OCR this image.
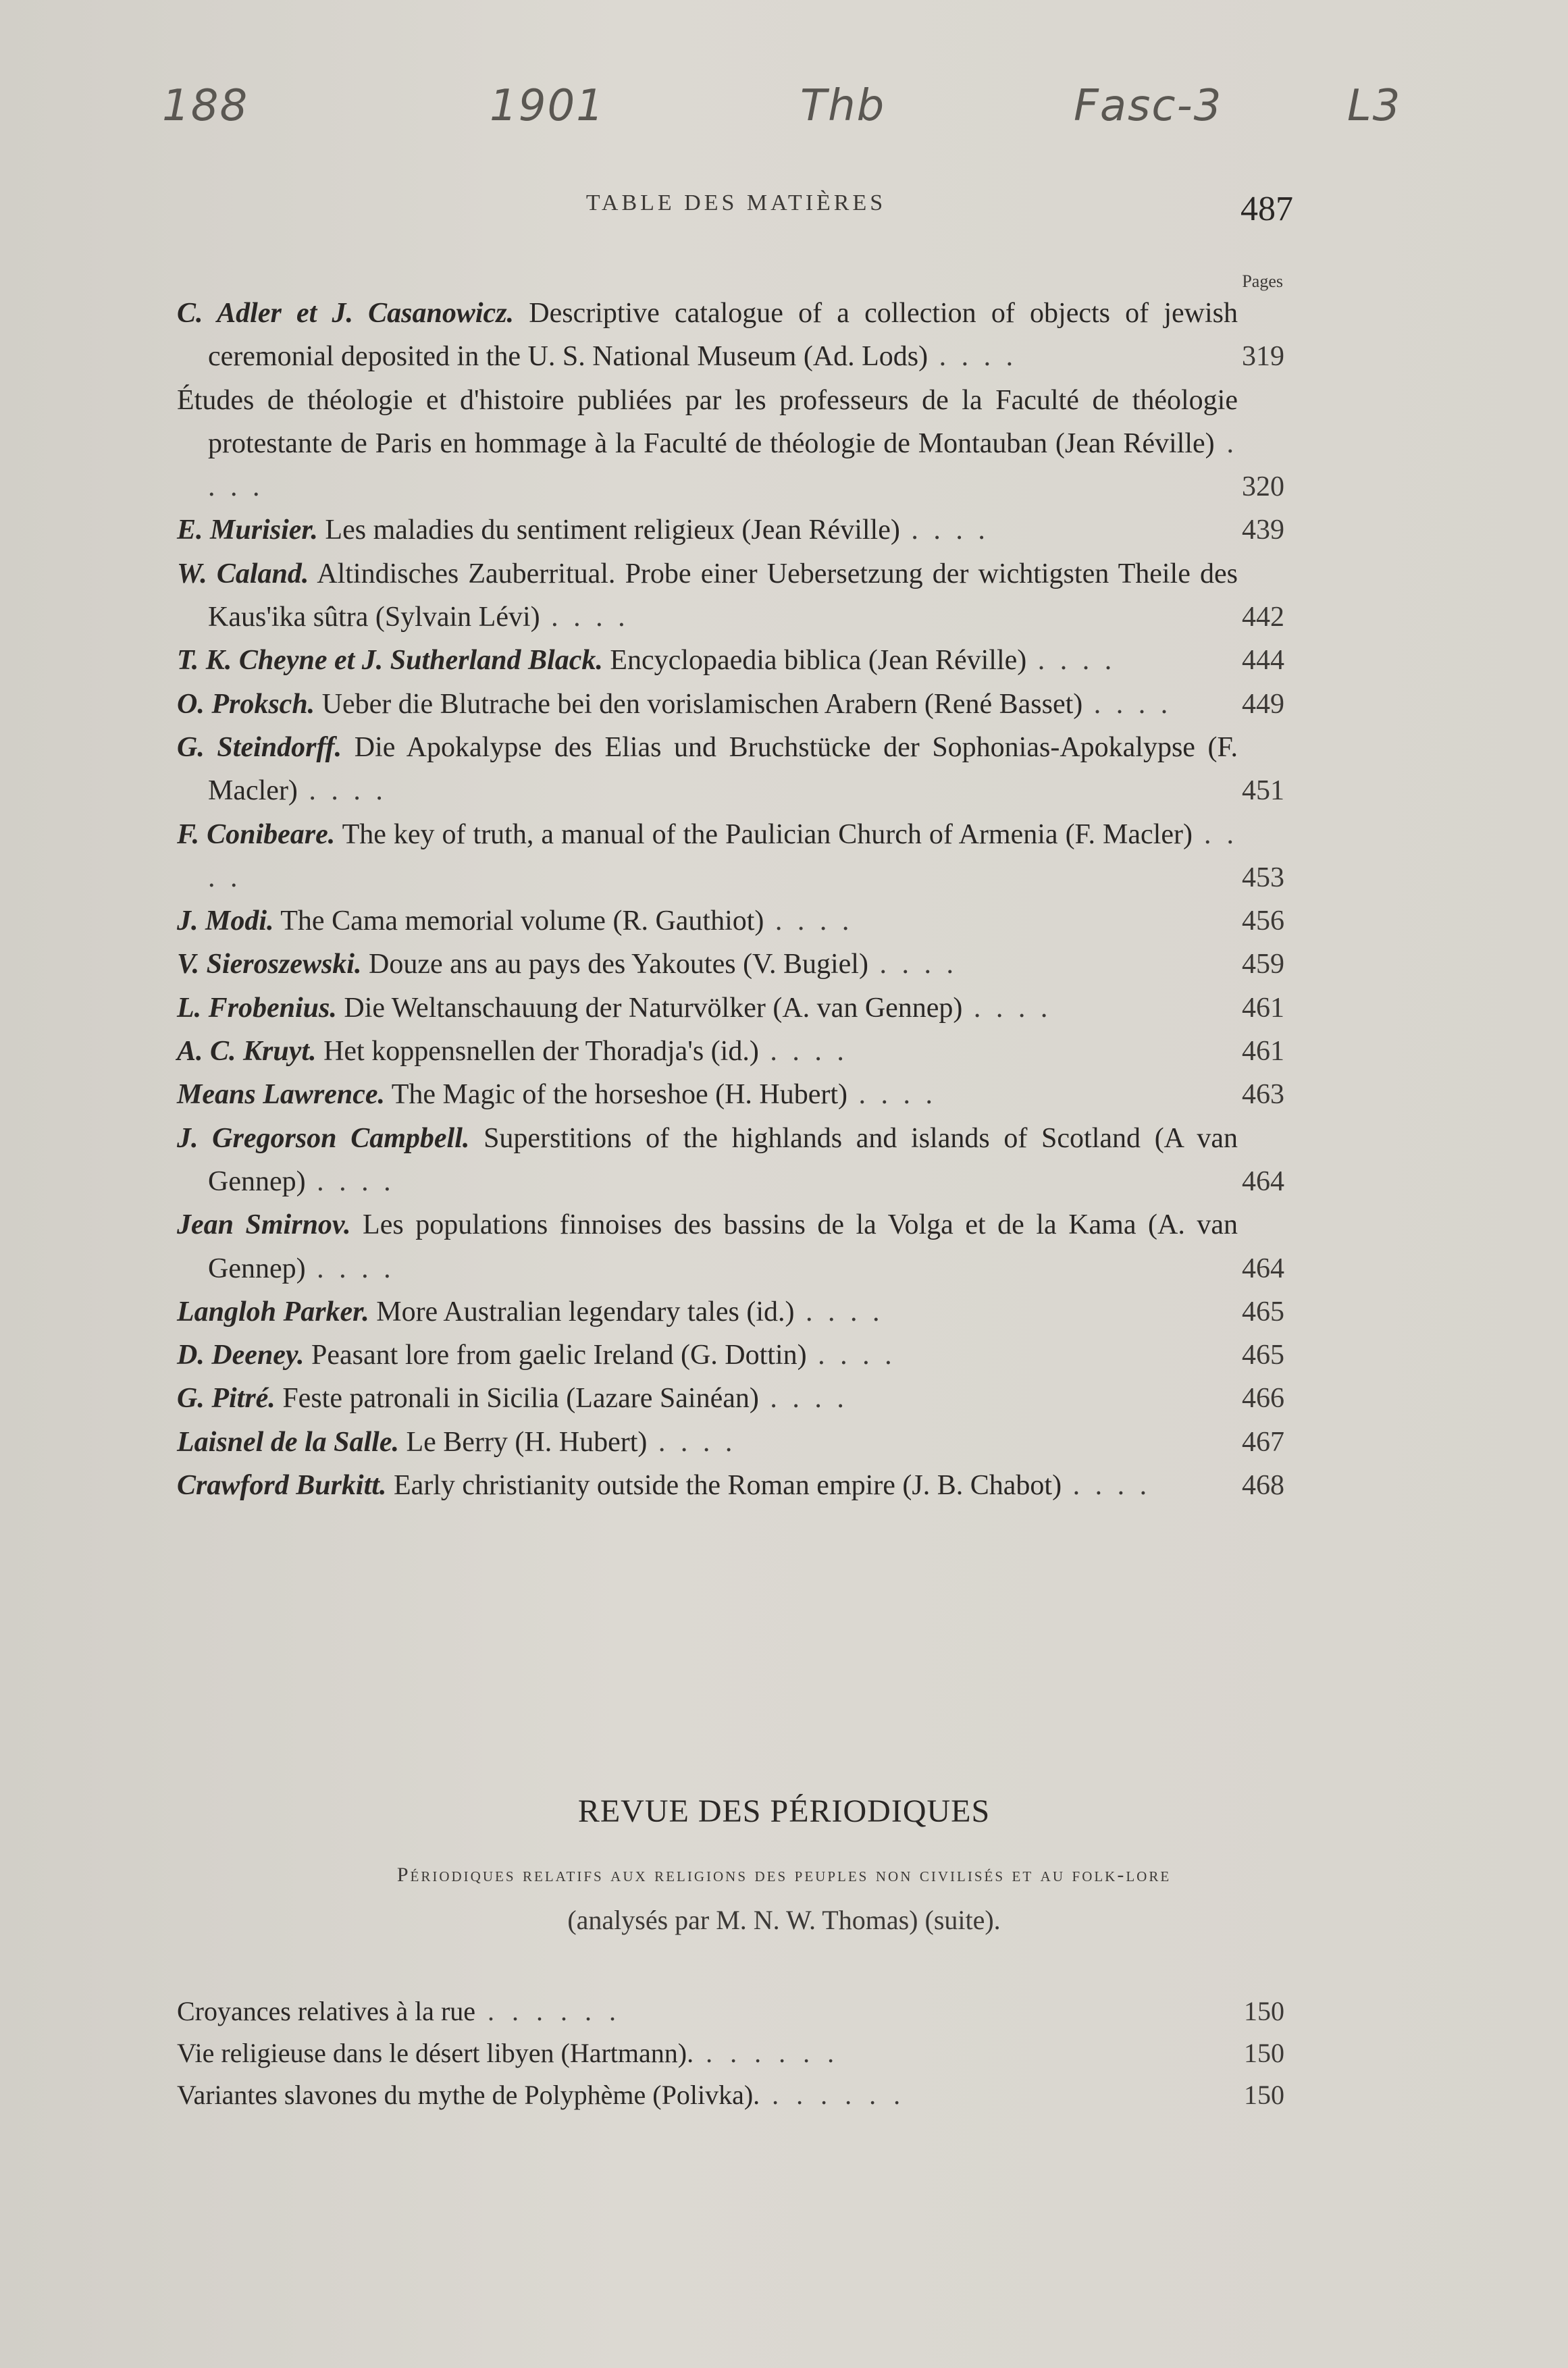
188	1901	Thb	Fasc-3	L3
TABLE DES MATIÈRES	487
Pages
C. Adler et J. Casanowicz. Descriptive catalogue of a collection of objects of jewish ceremonial deposited in the U. S. National Museum (Ad. Lods) . . . .	319
Études de théologie et d'histoire publiées par les professeurs de la Faculté de théologie protestante de Paris en hommage à la Faculté de théologie de Montauban (Jean Réville) . . . .	320
E. Murisier. Les maladies du sentiment religieux (Jean Réville) . . . .	439
W. Caland. Altindisches Zauberritual. Probe einer Uebersetzung der wichtigsten Theile des Kaus'ika sûtra (Sylvain Lévi) . . . .	442
T. K. Cheyne et J. Sutherland Black. Encyclopaedia biblica (Jean Réville) . . . .	444
O. Proksch. Ueber die Blutrache bei den vorislamischen Arabern (René Basset) . . . .	449
G. Steindorff. Die Apokalypse des Elias und Bruchstücke der Sophonias-Apokalypse (F. Macler) . . . .	451
F. Conibeare. The key of truth, a manual of the Paulician Church of Armenia (F. Macler) . . . .	453
J. Modi. The Cama memorial volume (R. Gauthiot) . . . .	456
V. Sieroszewski. Douze ans au pays des Yakoutes (V. Bugiel) . . . .	459
L. Frobenius. Die Weltanschauung der Naturvölker (A. van Gennep) . . . .	461
A. C. Kruyt. Het koppensnellen der Thoradja's (id.) . . . .	461
Means Lawrence. The Magic of the horseshoe (H. Hubert) . . . .	463
J. Gregorson Campbell. Superstitions of the highlands and islands of Scotland (A van Gennep) . . . .	464
Jean Smirnov. Les populations finnoises des bassins de la Volga et de la Kama (A. van Gennep) . . . .	464
Langloh Parker. More Australian legendary tales (id.) . . . .	465
D. Deeney. Peasant lore from gaelic Ireland (G. Dottin) . . . .	465
G. Pitré. Feste patronali in Sicilia (Lazare Sainéan) . . . .	466
Laisnel de la Salle. Le Berry (H. Hubert) . . . .	467
Crawford Burkitt. Early christianity outside the Roman empire (J. B. Chabot) . . . .	468
REVUE DES PÉRIODIQUES
Périodiques relatifs aux religions des peuples non civilisés et au folk-lore
(analysés par M. N. W. Thomas) (suite).
Croyances relatives à la rue . . . . . .	150
Vie religieuse dans le désert libyen (Hartmann). . . . . . .	150
Variantes slavones du mythe de Polyphème (Polivka). . . . . . .	150
